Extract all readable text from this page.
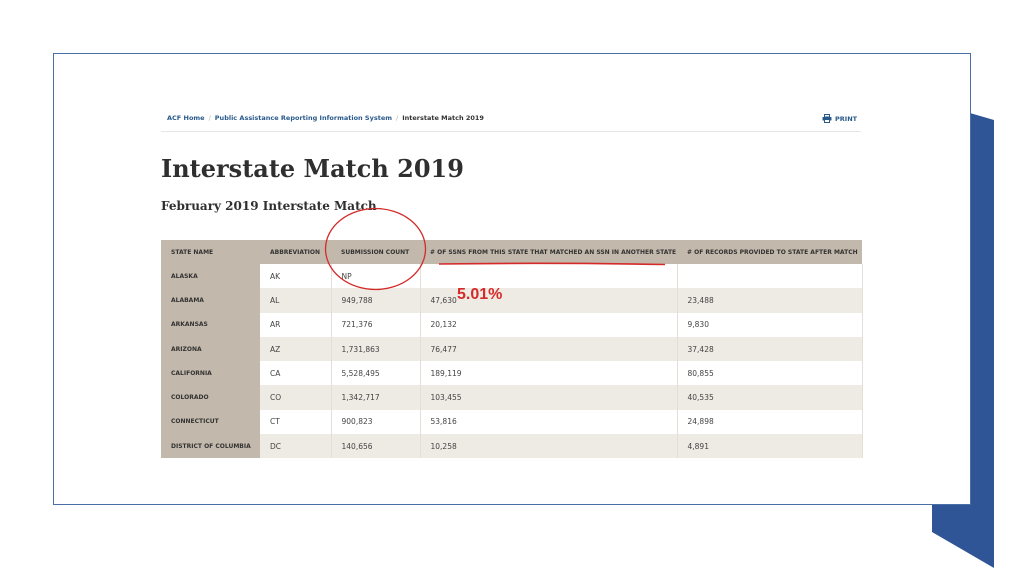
ACF Home / Public Assistance Reporting Information System / Interstate Match 2019	PRINT
Interstate Match 2019
February 2019 Interstate Match
STATE NAME	ABBREVIATION	SUBMISSION COUNT	# OF SSNS FROM THIS STATE THAT MATCHED AN SSN IN ANOTHER STATE	# OF RECORDS PROVIDED TO STATE AFTER MATCH
ALASKA	AK	NP		
ALABAMA	AL	949,788	47,630	23,488
ARKANSAS	AR	721,376	20,132	9,830
ARIZONA	AZ	1,731,863	76,477	37,428
CALIFORNIA	CA	5,528,495	189,119	80,855
COLORADO	CO	1,342,717	103,455	40,535
CONNECTICUT	CT	900,823	53,816	24,898
DISTRICT OF COLUMBIA	DC	140,656	10,258	4,891
5.01%
